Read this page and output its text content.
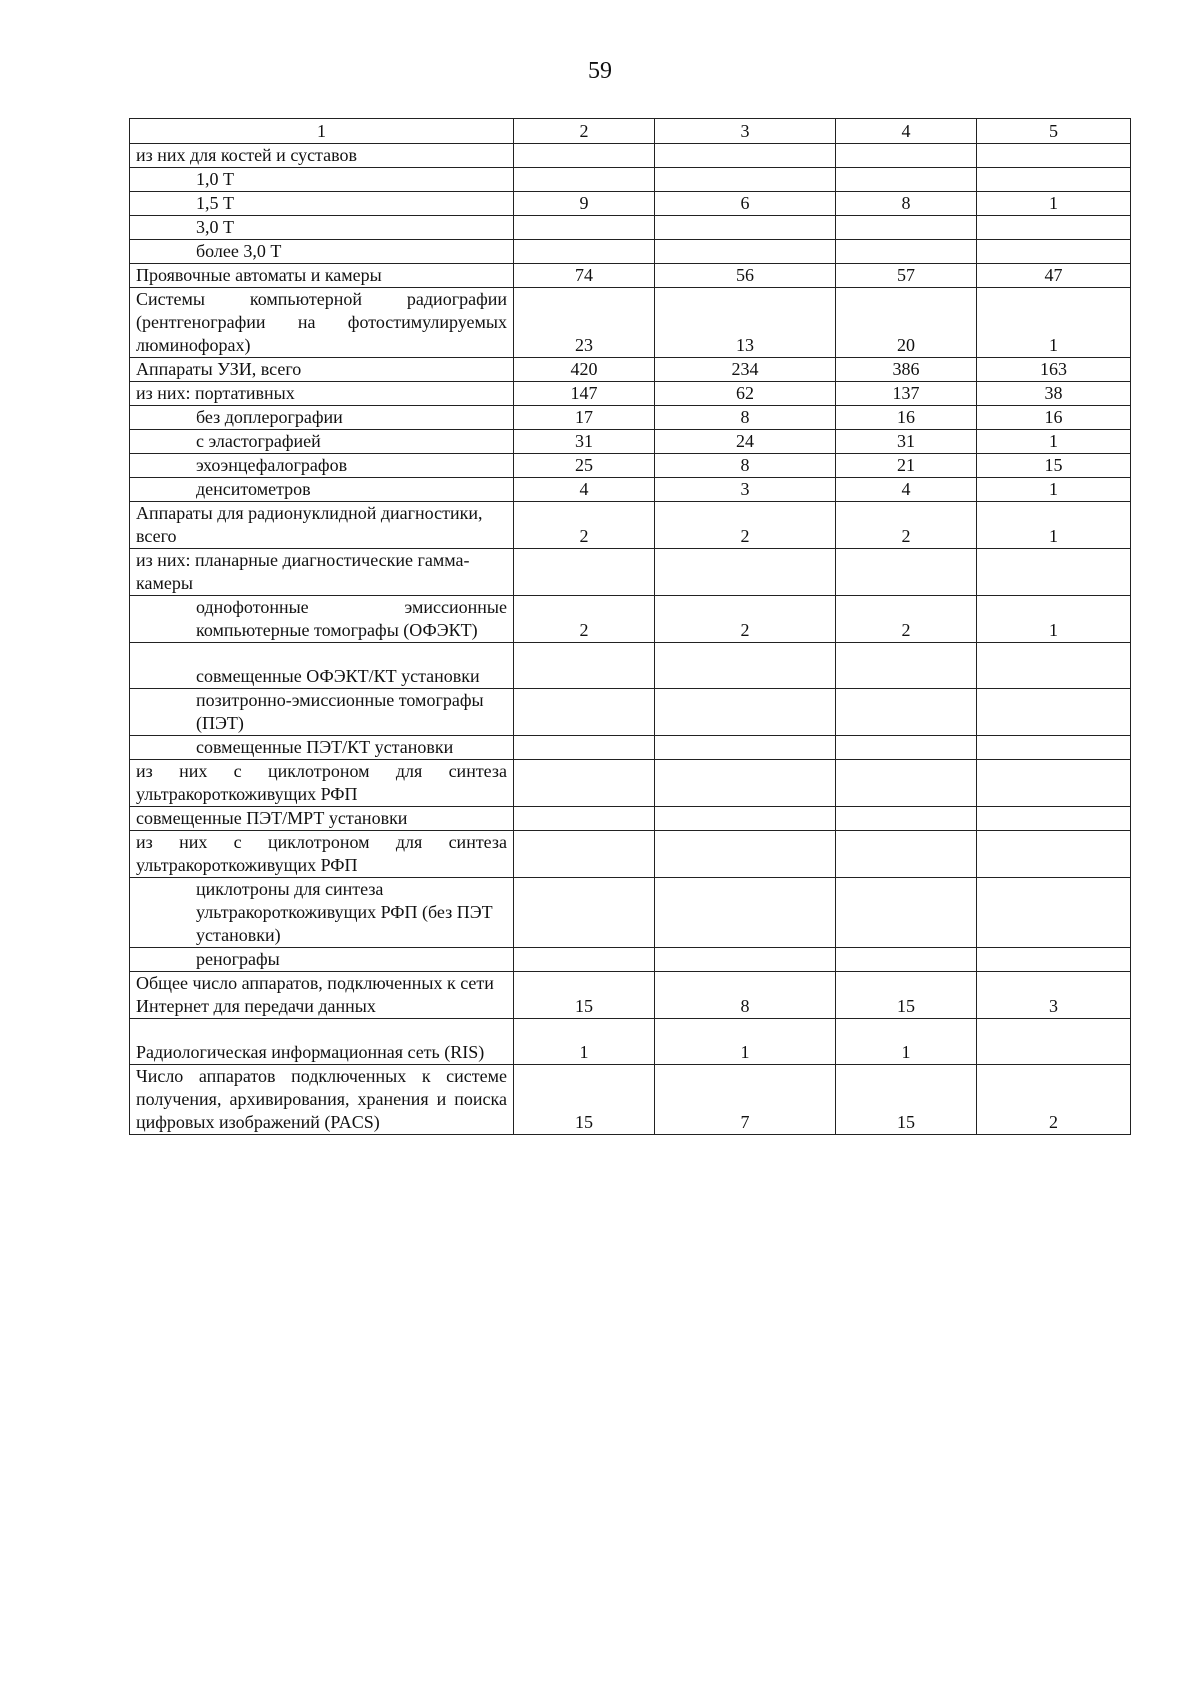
59
1	2	3	4	5
из них для костей и суставов				
1,0 Т				
1,5 Т	9	6	8	1
3,0 Т				
более 3,0 Т				
Проявочные автоматы и камеры	74	56	57	47
Системы компьютерной радиографии (рентгенографии на фотостимулируемых люминофорах)	23	13	20	1
Аппараты УЗИ, всего	420	234	386	163
из них: портативных	147	62	137	38
без доплерографии	17	8	16	16
с эластографией	31	24	31	1
эхоэнцефалографов	25	8	21	15
денситометров	4	3	4	1
Аппараты для радионуклидной диагностики, всего	2	2	2	1
из них: планарные диагностические гамма-камеры				
однофотонные эмиссионные компьютерные томографы (ОФЭКТ)	2	2	2	1
совмещенные ОФЭКТ/КТ установки				
позитронно-эмиссионные томографы (ПЭТ)				
совмещенные ПЭТ/КТ установки				
из них с циклотроном для синтеза ультракороткоживущих РФП				
совмещенные ПЭТ/МРТ установки				
из них с циклотроном для синтеза ультракороткоживущих РФП				
циклотроны для синтеза ультракороткоживущих РФП (без ПЭТ установки)				
ренографы				
Общее число аппаратов, подключенных к сети Интернет для передачи данных	15	8	15	3
Радиологическая информационная сеть (RIS)	1	1	1	
Число аппаратов подключенных к системе получения, архивирования, хранения и поиска цифровых изображений (PACS)	15	7	15	2
